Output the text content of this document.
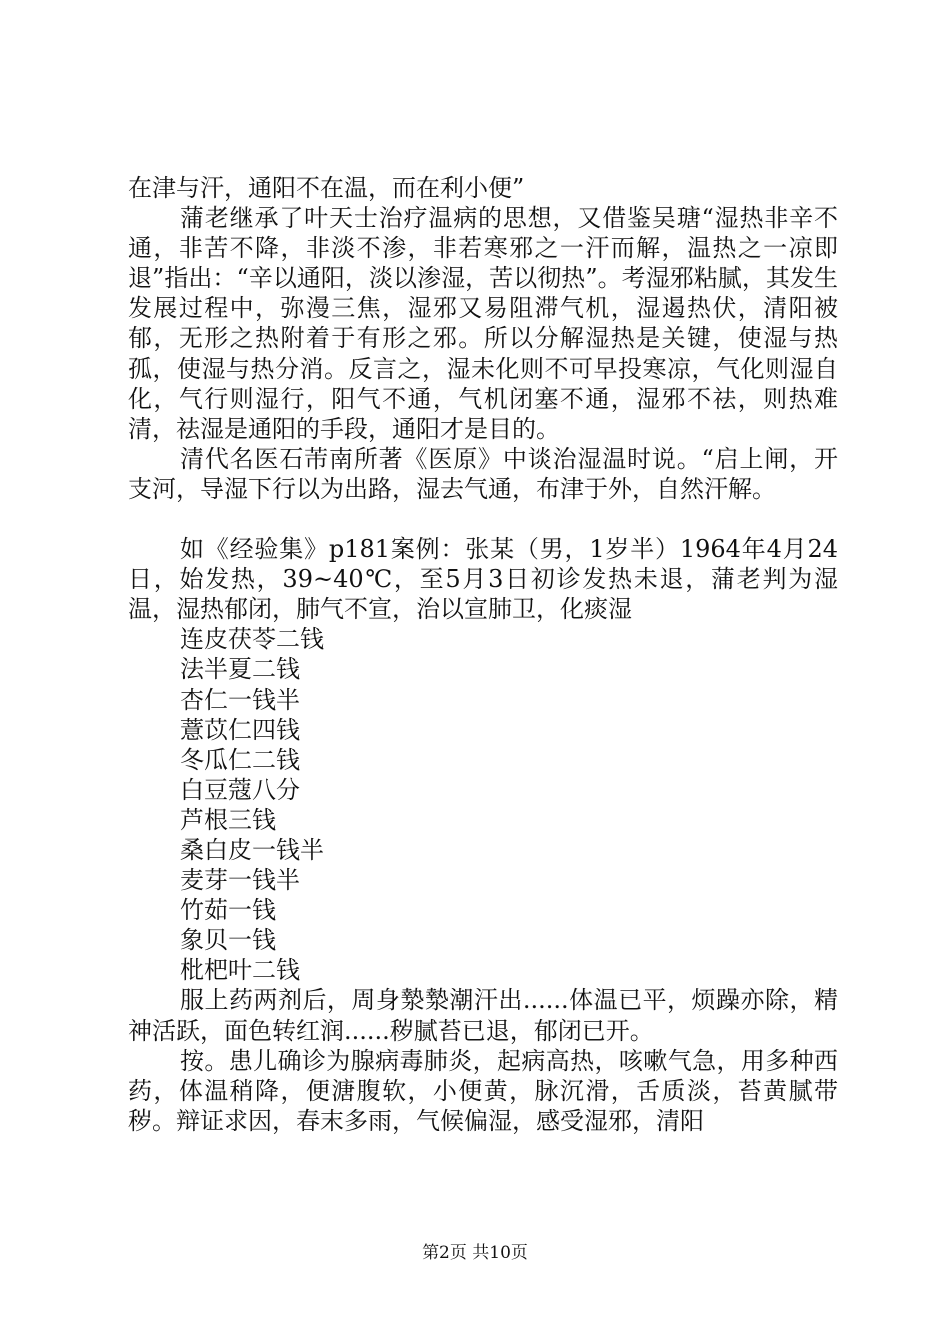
在津与汗，通阳不在温，而在利小便”

蒲老继承了叶天士治疗温病的思想，又借鉴吴瑭“湿热非辛不通，非苦不降，非淡不渗，非若寒邪之一汗而解，温热之一凉即退”指出：“辛以通阳，淡以渗湿，苦以彻热”。考湿邪粘腻，其发生发展过程中，弥漫三焦，湿邪又易阻滞气机，湿遏热伏，清阳被郁，无形之热附着于有形之邪。所以分解湿热是关键，使湿与热孤，使湿与热分消。反言之，湿未化则不可早投寒凉，气化则湿自化，气行则湿行，阳气不通，气机闭塞不通，湿邪不祛，则热难清，祛湿是通阳的手段，通阳才是目的。

清代名医石芾南所著《医原》中谈治湿温时说。“启上闸，开支河，导湿下行以为出路，湿去气通，布津于外，自然汗解。

如《经验集》p181案例：张某（男，1岁半）1964年4月24日，始发热，39~40℃，至5月3日初诊发热未退，蒲老判为湿温，湿热郁闭，肺气不宣，治以宣肺卫，化痰湿

连皮茯苓二钱

法半夏二钱

杏仁一钱半

薏苡仁四钱

冬瓜仁二钱

白豆蔻八分

芦根三钱

桑白皮一钱半

麦芽一钱半

竹茹一钱

象贝一钱

枇杷叶二钱

服上药两剂后，周身漐漐潮汗出......体温已平，烦躁亦除，精神活跃，面色转红润......秽腻苔已退，郁闭已开。

按。患儿确诊为腺病毒肺炎，起病高热，咳嗽气急，用多种西药，体温稍降，便溏腹软，小便黄，脉沉滑，舌质淡，苔黄腻带秽。辩证求因，春末多雨，气候偏湿，感受湿邪，清阳

第2页 共10页
